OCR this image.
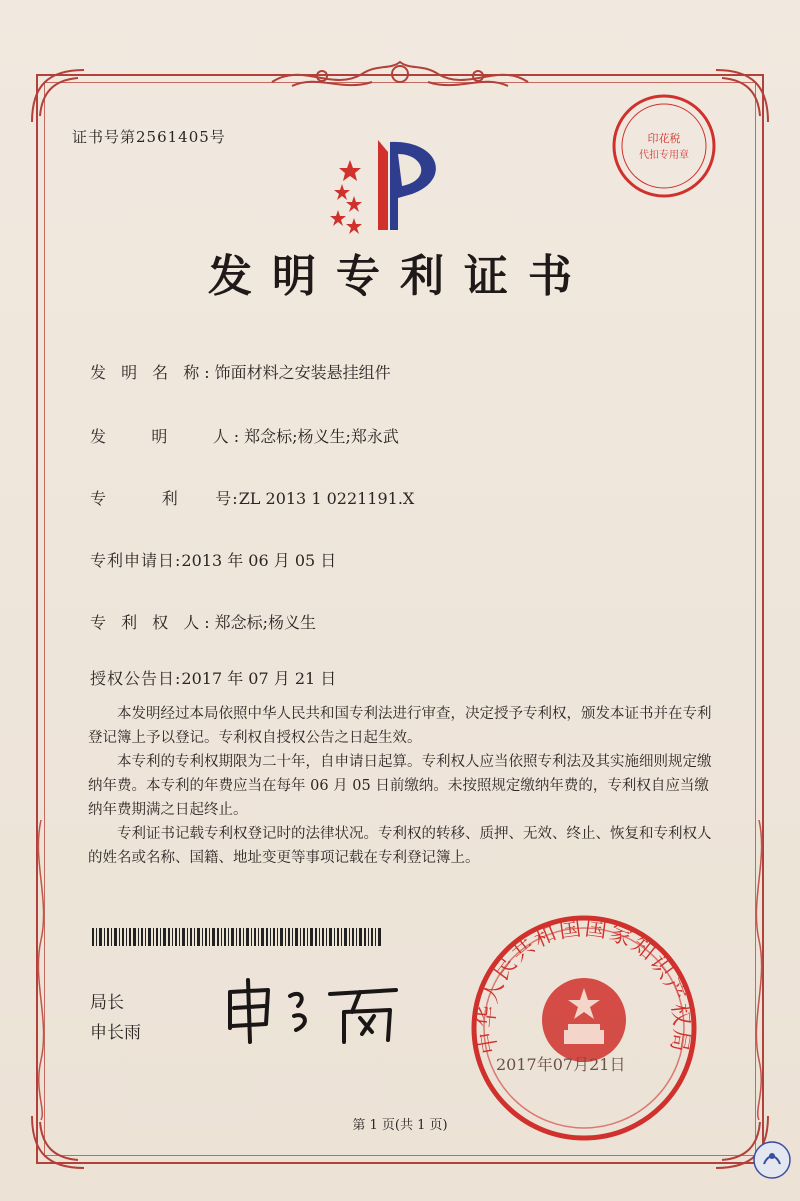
证书号第2561405号	印花税
代扣专用章
发明专利证书
发 明 名 称:饰面材料之安装悬挂组件
发    明    人:郑念标;杨义生;郑永武
专         利      号:ZL 2013 1 0221191.X
专利申请日:2013 年 06 月 05 日
专 利 权 人:郑念标;杨义生
授权公告日:2017 年 07 月 21 日

本发明经过本局依照中华人民共和国专利法进行审查，决定授予专利权，颁发本证书并在专利登记簿上予以登记。专利权自授权公告之日起生效。

本专利的专利权期限为二十年，自申请日起算。专利权人应当依照专利法及其实施细则规定缴纳年费。本专利的年费应当在每年 06 月 05 日前缴纳。未按照规定缴纳年费的，专利权自应当缴纳年费期满之日起终止。

专利证书记载专利权登记时的法律状况。专利权的转移、质押、无效、终止、恢复和专利权人的姓名或名称、国籍、地址变更等事项记载在专利登记簿上。

局长
申长雨	中华人民共和国国家知识产权局
2017年07月21日
第 1 页(共 1 页)
